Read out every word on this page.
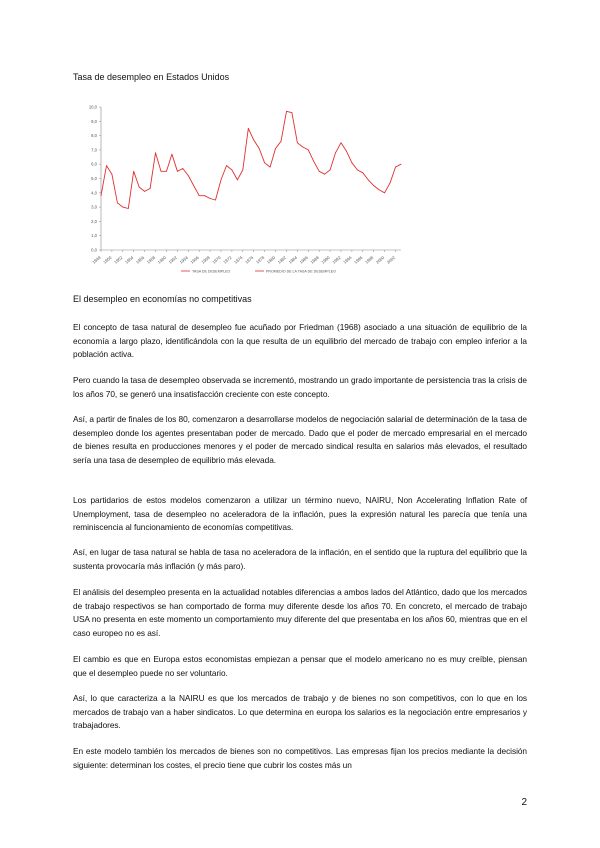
Tasa de desempleo en Estados Unidos
0,0
1,0
2,0
3,0
4,0
5,0
6,0
7,0
8,0
9,0
10,0
1948 1950 1952 1954 1956 1958 1960 1962 1964 1966 1968 1970 1972 1974 1976 1978 1980 1982 1984 1986 1988 1990 1992 1994 1996 1998 2000 2002
TASA DE DESEMPLEO	PROMEDIO DE LA TASA DE DESEMPLEO
El desempleo en economías no competitivas

El concepto de tasa natural de desempleo fue acuñado por Friedman (1968) asociado a una situación de equilibrio de la economía a largo plazo, identificándola con la que resulta de un equilibrio del mercado de trabajo con empleo inferior a la población activa.

Pero cuando la tasa de desempleo observada se incrementó, mostrando un grado importante de persistencia tras la crisis de los años 70, se generó una insatisfacción creciente con este concepto.

Así, a partir de finales de los 80, comenzaron a desarrollarse modelos de negociación salarial de determinación de la tasa de desempleo donde los agentes presentaban poder de mercado. Dado que el poder de mercado empresarial en el mercado de bienes resulta en producciones menores y el poder de mercado sindical resulta en salarios más elevados, el resultado sería una tasa de desempleo de equilibrio más elevada.

Los partidarios de estos modelos comenzaron a utilizar un término nuevo, NAIRU, Non Accelerating Inflation Rate of Unemployment, tasa de desempleo no aceleradora de la inflación, pues la expresión natural les parecía que tenía una reminiscencia al funcionamiento de economías competitivas.

Así, en lugar de tasa natural se habla de tasa no aceleradora de la inflación, en el sentido que la ruptura del equilibrio que la sustenta provocaría más inflación (y más paro).

El análisis del desempleo presenta en la actualidad notables diferencias a ambos lados del Atlántico, dado que los mercados de trabajo respectivos se han comportado de forma muy diferente desde los años 70. En concreto, el mercado de trabajo USA no presenta en este momento un comportamiento muy diferente del que presentaba en los años 60, mientras que en el caso europeo no es así.

El cambio es que en Europa estos economistas empiezan a pensar que el modelo americano no es muy creíble, piensan que el desempleo puede no ser voluntario.

Así, lo que caracteriza a la NAIRU es que los mercados de trabajo y de bienes no son competitivos, con lo que en los mercados de trabajo van a haber sindicatos. Lo que determina en europa los salarios es la negociación entre empresarios y trabajadores.

En este modelo también los mercados de bienes son no competitivos. Las empresas fijan los precios mediante la decisión siguiente: determinan los costes, el precio tiene que cubrir los costes más un

2
